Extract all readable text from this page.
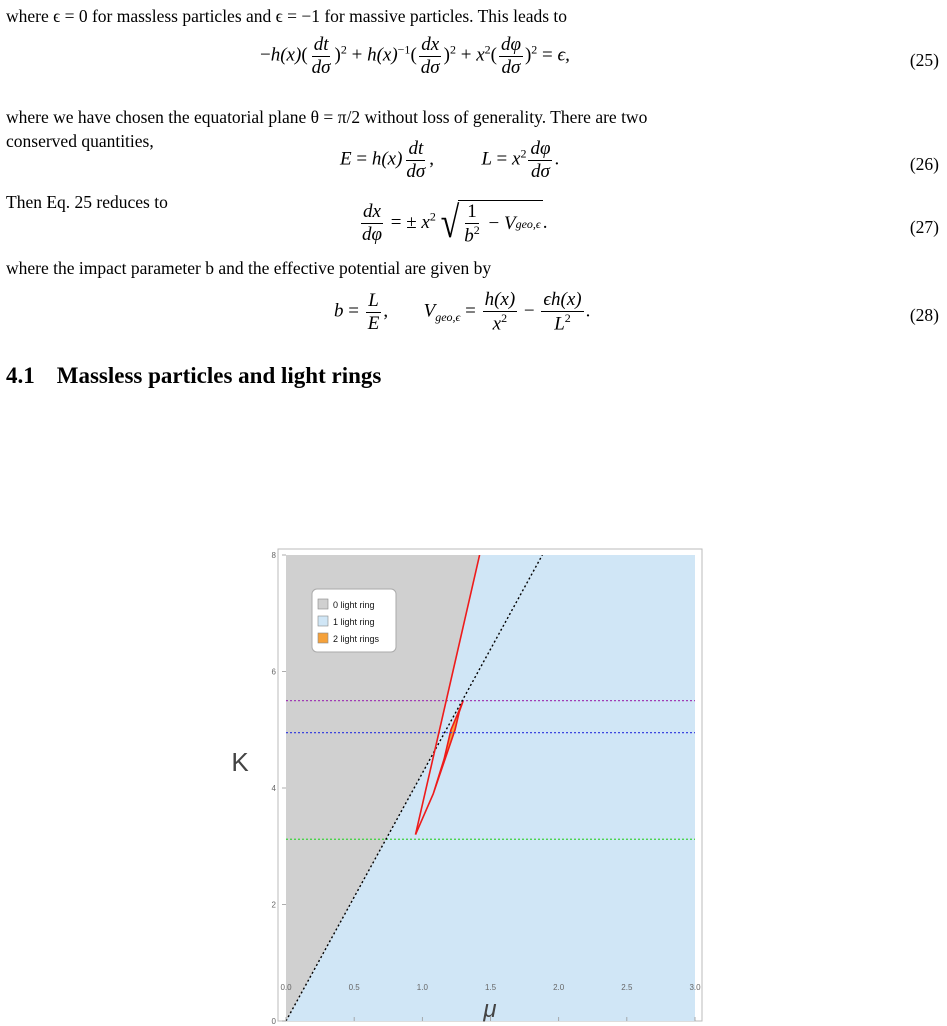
where ϵ = 0 for massless particles and ϵ = −1 for massive particles. This leads to
$-h(x)( \frac{dt}{d\sigma} )^2 + h(x)^{-1}( \frac{dx}{d\sigma} )^2 + x^2( \frac{d\varphi}{d\sigma} )^2 = \epsilon$,	(25)
where we have chosen the equatorial plane θ = π/2 without loss of generality. There are two
conserved quantities,
$E = h(x) \frac{dt}{d\sigma}$ ,  $L = x^2 \frac{d\varphi}{d\sigma}$ .	(26)
Then Eq. 25 reduces to	$\frac{dx}{d\varphi}$ = ± $x^2$ √ $\frac{1}{b^2} - V$ geo,ϵ .	(27)
where the impact parameter b and the effective potential are given by
$b = \frac{L}{E}$ ,  $V_{geo,\epsilon} = \frac{h(x)}{x^2} - \frac{\epsilon h(x)}{L^2}$ .	(28)
4.1 Massless particles and light rings
0.0	0.5	1.0	1.5	2.0	2.5	3.0
0
2
4
6
8
K
μ
0 light ring
1 light ring
2 light rings
